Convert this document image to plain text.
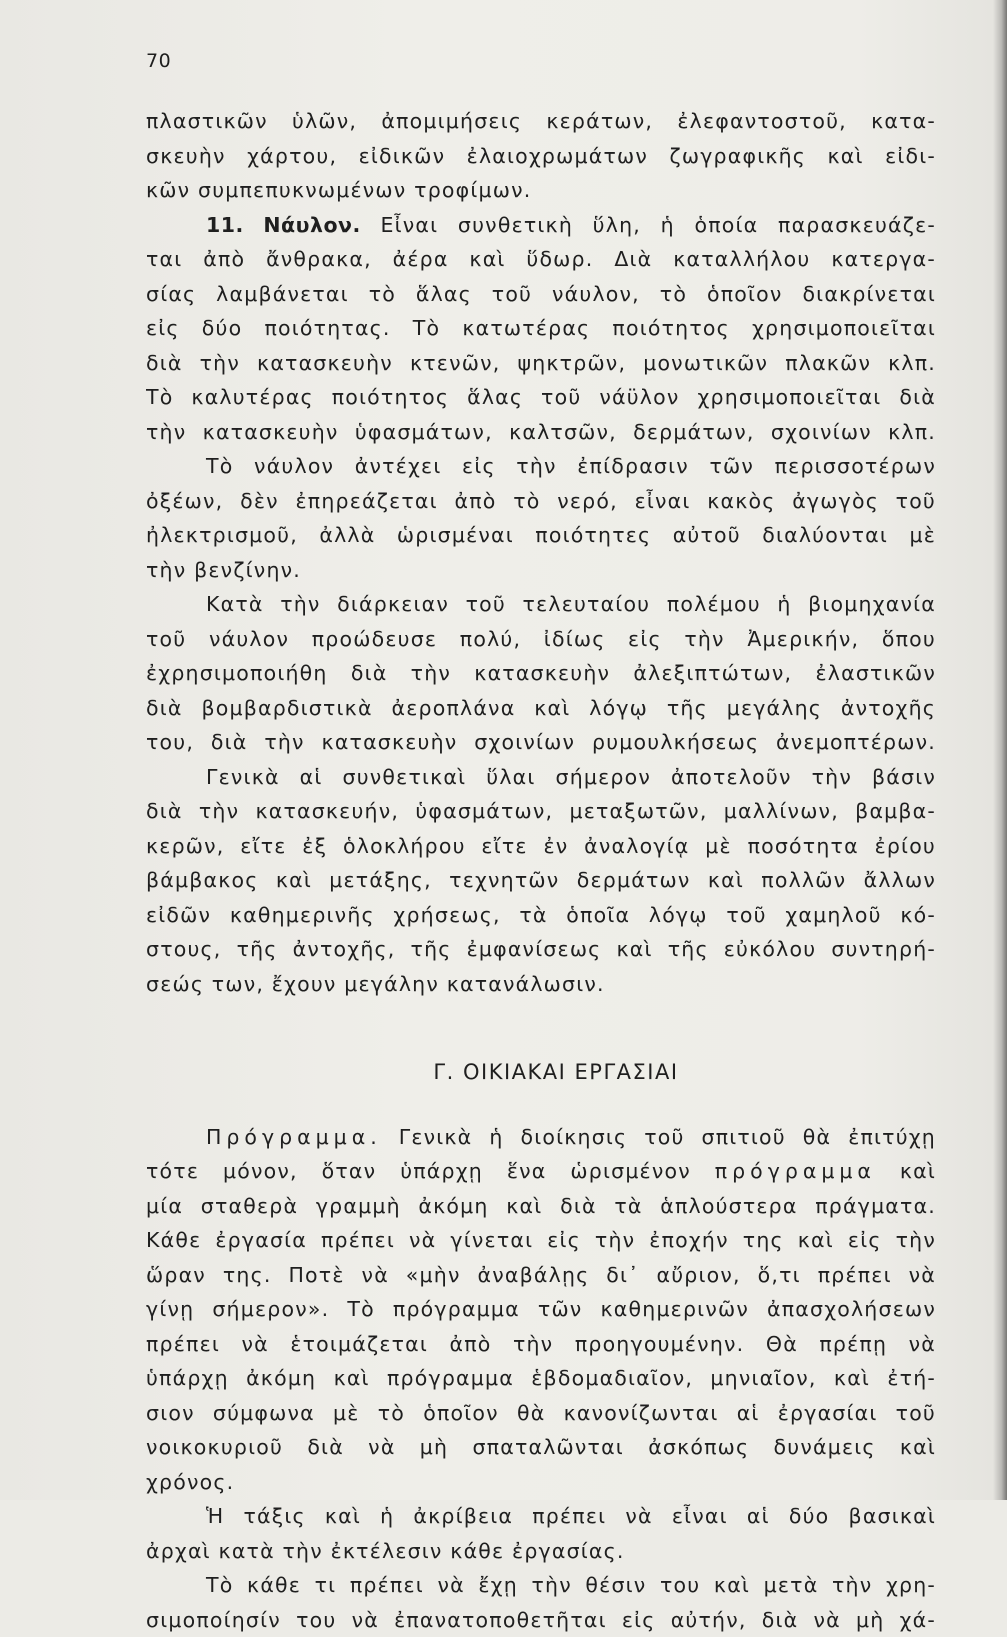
70
πλαστικῶν ὑλῶν, ἀπομιμήσεις κεράτων, ἐλεφαντοστοῦ, κατα-
σκευὴν χάρτου, εἰδικῶν ἐλαιοχρωμάτων ζωγραφικῆς καὶ εἰδι-
κῶν συμπεπυκνωμένων τροφίμων.
11. Νάυλον. Εἶναι συνθετικὴ ὕλη, ἡ ὁποία παρασκευάζε-
ται ἀπὸ ἄνθρακα, ἀέρα καὶ ὕδωρ. Διὰ καταλλήλου κατεργα-
σίας λαμβάνεται τὸ ἅλας τοῦ νάυλον, τὸ ὁποῖον διακρίνεται
εἰς δύο ποιότητας. Τὸ κατωτέρας ποιότητος χρησιμοποιεῖται
διὰ τὴν κατασκευὴν κτενῶν, ψηκτρῶν, μονωτικῶν πλακῶν κλπ.
Τὸ καλυτέρας ποιότητος ἅλας τοῦ νάϋλον χρησιμοποιεῖται διὰ
τὴν κατασκευὴν ὑφασμάτων, καλτσῶν, δερμάτων, σχοινίων κλπ.
Τὸ νάυλον ἀντέχει εἰς τὴν ἐπίδρασιν τῶν περισσοτέρων
ὀξέων, δὲν ἐπηρεάζεται ἀπὸ τὸ νερό, εἶναι κακὸς ἀγωγὸς τοῦ
ἠλεκτρισμοῦ, ἀλλὰ ὡρισμέναι ποιότητες αὐτοῦ διαλύονται μὲ
τὴν βενζίνην.
Κατὰ τὴν διάρκειαν τοῦ τελευταίου πολέμου ἡ βιομηχανία
τοῦ νάυλον προώδευσε πολύ, ἰδίως εἰς τὴν Ἀμερικήν, ὅπου
ἐχρησιμοποιήθη διὰ τὴν κατασκευὴν ἀλεξιπτώτων, ἐλαστικῶν
διὰ βομβαρδιστικὰ ἀεροπλάνα καὶ λόγῳ τῆς μεγάλης ἀντοχῆς
του, διὰ τὴν κατασκευὴν σχοινίων ρυμουλκήσεως ἀνεμοπτέρων.
Γενικὰ αἱ συνθετικαὶ ὕλαι σήμερον ἀποτελοῦν τὴν βάσιν
διὰ τὴν κατασκευήν, ὑφασμάτων, μεταξωτῶν, μαλλίνων, βαμβα-
κερῶν, εἴτε ἐξ ὁλοκλήρου εἴτε ἐν ἀναλογίᾳ μὲ ποσότητα ἐρίου
βάμβακος καὶ μετάξης, τεχνητῶν δερμάτων καὶ πολλῶν ἄλλων
εἰδῶν καθημερινῆς χρήσεως, τὰ ὁποῖα λόγῳ τοῦ χαμηλοῦ κό-
στους, τῆς ἀντοχῆς, τῆς ἐμφανίσεως καὶ τῆς εὐκόλου συντηρή-
σεώς των, ἔχουν μεγάλην κατανάλωσιν.
Γ. ΟΙΚΙΑΚΑΙ ΕΡΓΑΣΙΑΙ
Πρόγραμμα. Γενικὰ ἡ διοίκησις τοῦ σπιτιοῦ θὰ ἐπιτύχῃ
τότε μόνον, ὅταν ὑπάρχῃ ἕνα ὡρισμένον πρόγραμμα καὶ
μία σταθερὰ γραμμὴ ἀκόμη καὶ διὰ τὰ ἁπλούστερα πράγματα.
Κάθε ἐργασία πρέπει νὰ γίνεται εἰς τὴν ἐποχήν της καὶ εἰς τὴν
ὥραν της. Ποτὲ νὰ «μὴν ἀναβάλῃς δι᾽ αὔριον, ὅ,τι πρέπει νὰ
γίνῃ σήμερον». Τὸ πρόγραμμα τῶν καθημερινῶν ἀπασχολήσεων
πρέπει νὰ ἑτοιμάζεται ἀπὸ τὴν προηγουμένην. Θὰ πρέπῃ νὰ
ὑπάρχῃ ἀκόμη καὶ πρόγραμμα ἑβδομαδιαῖον, μηνιαῖον, καὶ ἐτή-
σιον σύμφωνα μὲ τὸ ὁποῖον θὰ κανονίζωνται αἱ ἐργασίαι τοῦ
νοικοκυριοῦ διὰ νὰ μὴ σπαταλῶνται ἀσκόπως δυνάμεις καὶ
χρόνος.
Ἡ τάξις καὶ ἡ ἀκρίβεια πρέπει νὰ εἶναι αἱ δύο βασικαὶ
ἀρχαὶ κατὰ τὴν ἐκτέλεσιν κάθε ἐργασίας.
Τὸ κάθε τι πρέπει νὰ ἔχῃ τὴν θέσιν του καὶ μετὰ τὴν χρη-
σιμοποίησίν του νὰ ἐπανατοποθετῆται εἰς αὐτήν, διὰ νὰ μὴ χά-
